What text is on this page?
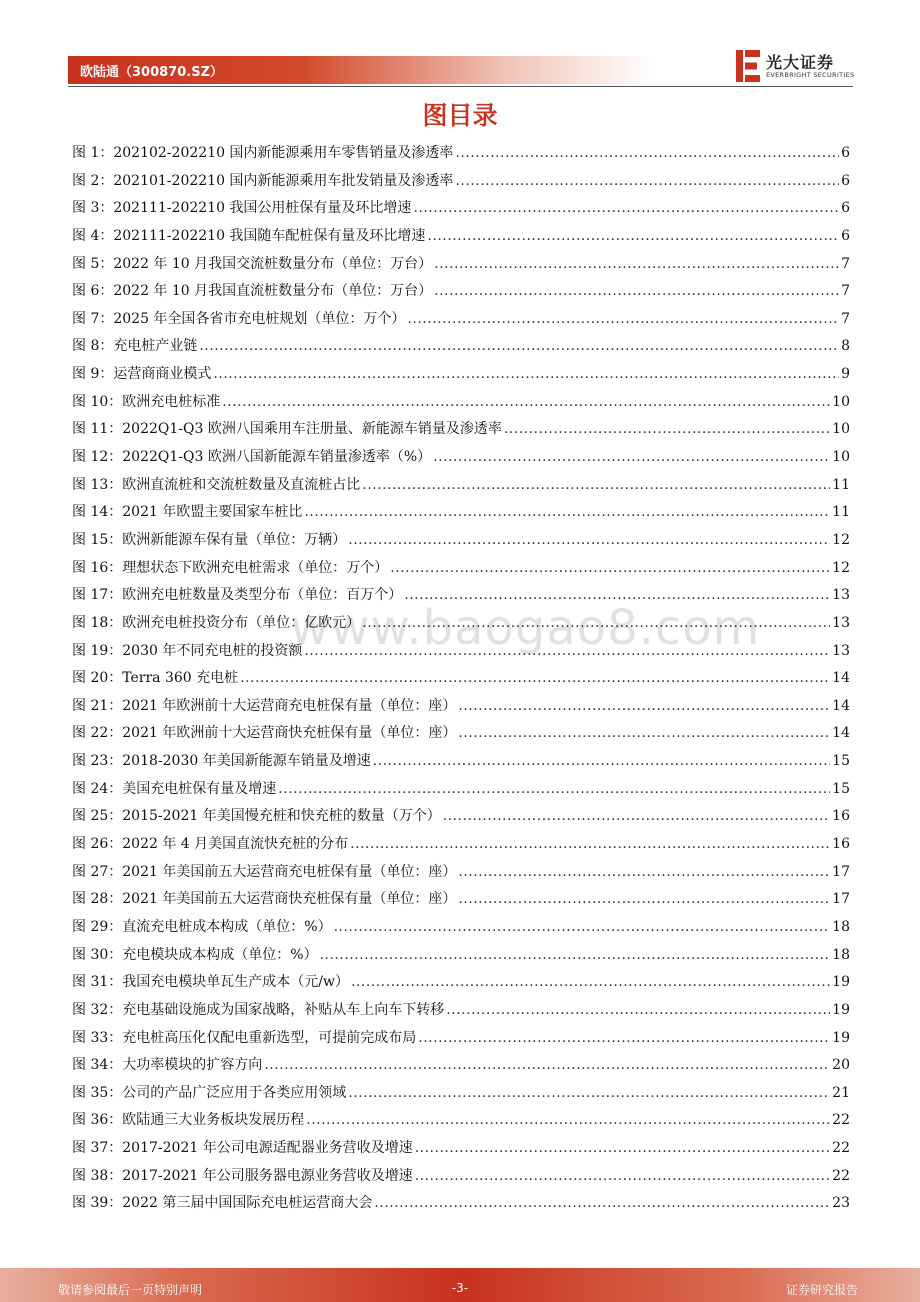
欧陆通（300870.SZ）
光大证券
EVERBRIGHT SECURITIES
图目录
www.baogao8.com
图 1：202102-202210 国内新能源乘用车零售销量及渗透率 .....	6
图 2：202101-202210 国内新能源乘用车批发销量及渗透率 .....	6
图 3：202111-202210 我国公用桩保有量及环比增速 .....	6
图 4：202111-202210 我国随车配桩保有量及环比增速 .....	6
图 5：2022 年 10 月我国交流桩数量分布（单位：万台） .....	7
图 6：2022 年 10 月我国直流桩数量分布（单位：万台） .....	7
图 7：2025 年全国各省市充电桩规划（单位：万个） .....	7
图 8：充电桩产业链 .....	8
图 9：运营商商业模式 .....	9
图 10：欧洲充电桩标准 .....	10
图 11：2022Q1-Q3 欧洲八国乘用车注册量、新能源车销量及渗透率 .....	10
图 12：2022Q1-Q3 欧洲八国新能源车销量渗透率（%） .....	10
图 13：欧洲直流桩和交流桩数量及直流桩占比 .....	11
图 14：2021 年欧盟主要国家车桩比 .....	11
图 15：欧洲新能源车保有量（单位：万辆） .....	12
图 16：理想状态下欧洲充电桩需求（单位：万个） .....	12
图 17：欧洲充电桩数量及类型分布（单位：百万个） .....	13
图 18：欧洲充电桩投资分布（单位：亿欧元） .....	13
图 19：2030 年不同充电桩的投资额 .....	13
图 20：Terra 360 充电桩 .....	14
图 21：2021 年欧洲前十大运营商充电桩保有量（单位：座） .....	14
图 22：2021 年欧洲前十大运营商快充桩保有量（单位：座） .....	14
图 23：2018-2030 年美国新能源车销量及增速 .....	15
图 24：美国充电桩保有量及增速 .....	15
图 25：2015-2021 年美国慢充桩和快充桩的数量（万个） .....	16
图 26：2022 年 4 月美国直流快充桩的分布 .....	16
图 27：2021 年美国前五大运营商充电桩保有量（单位：座） .....	17
图 28：2021 年美国前五大运营商快充桩保有量（单位：座） .....	17
图 29：直流充电桩成本构成（单位：%） .....	18
图 30：充电模块成本构成（单位：%） .....	18
图 31：我国充电模块单瓦生产成本（元/w） .....	19
图 32：充电基础设施成为国家战略，补贴从车上向车下转移 .....	19
图 33：充电桩高压化仅配电重新选型，可提前完成布局 .....	19
图 34：大功率模块的扩容方向 .....	20
图 35：公司的产品广泛应用于各类应用领域 .....	21
图 36：欧陆通三大业务板块发展历程 .....	22
图 37：2017-2021 年公司电源适配器业务营收及增速 .....	22
图 38：2017-2021 年公司服务器电源业务营收及增速 .....	22
图 39：2022 第三届中国国际充电桩运营商大会 .....	23
敬请参阅最后一页特别声明	-3-	证券研究报告
